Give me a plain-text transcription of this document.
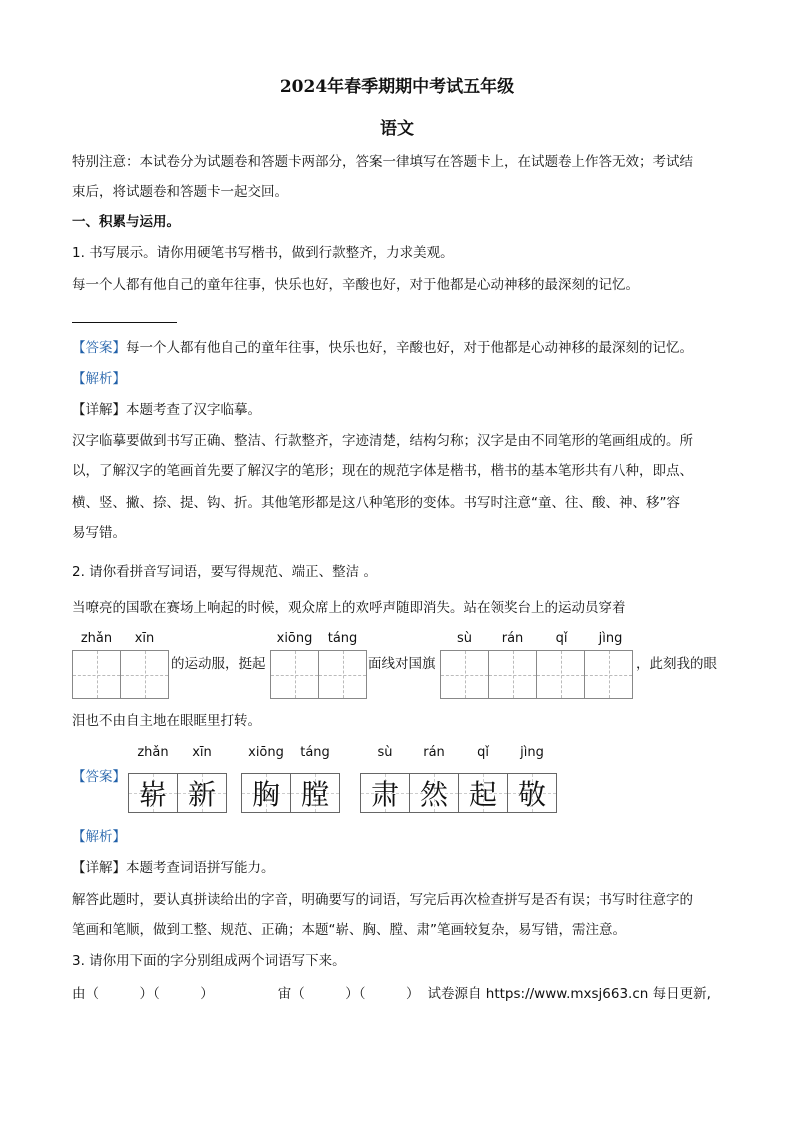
2024年春季期期中考试五年级
语文
特别注意：本试卷分为试题卷和答题卡两部分，答案一律填写在答题卡上，在试题卷上作答无效；考试结
束后，将试题卷和答题卡一起交回。
一、积累与运用。
1. 书写展示。请你用硬笔书写楷书，做到行款整齐，力求美观。
每一个人都有他自己的童年往事，快乐也好，辛酸也好，对于他都是心动神移的最深刻的记忆。
【答案】每一个人都有他自己的童年往事，快乐也好，辛酸也好，对于他都是心动神移的最深刻的记忆。
【解析】
【详解】本题考查了汉字临摹。
汉字临摹要做到书写正确、整洁、行款整齐，字迹清楚，结构匀称；汉字是由不同笔形的笔画组成的。所
以，了解汉字的笔画首先要了解汉字的笔形；现在的规范字体是楷书，楷书的基本笔形共有八种，即点、
横、竖、撇、捺、提、钩、折。其他笔形都是这八种笔形的变体。书写时注意“童、往、酸、神、移”容
易写错。
2. 请你看拼音写词语，要写得规范、端正、整洁 。
当嘹亮的国歌在赛场上响起的时候，观众席上的欢呼声随即消失。站在领奖台上的运动员穿着
zhǎn	xīn	xiōng	táng	sù	rán	qǐ	jìng
的运动服，挺起	面线对国旗	，此刻我的眼
泪也不由自主地在眼眶里打转。
【答案】
zhǎn	xīn	xiōng	táng	sù	rán	qǐ	jìng
崭 新 胸 膛 肃 然 起 敬
【解析】
【详解】本题考查词语拼写能力。
解答此题时，要认真拼读给出的字音，明确要写的词语，写完后再次检查拼写是否有误；书写时往意字的
笔画和笔顺，做到工整、规范、正确；本题“崭、胸、膛、肃”笔画较复杂，易写错，需注意。
3. 请你用下面的字分别组成两个词语写下来。
由（　　　）（　　　）	宙（　　　）（　　　） 试卷源自 https://www.mxsj663.cn 每日更新,
